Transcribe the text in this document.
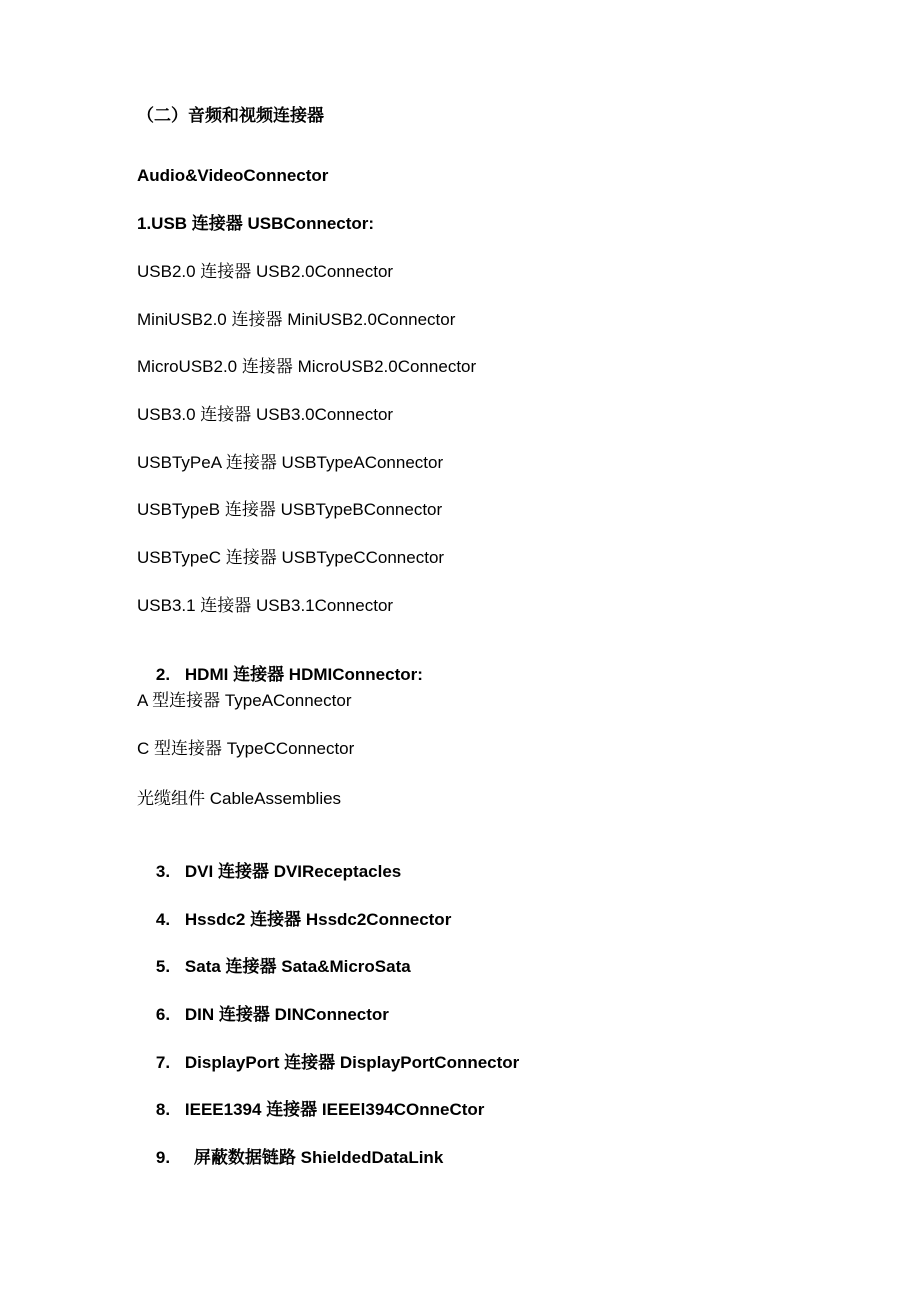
（二）音频和视频连接器
Audio&VideoConnector
1.USB 连接器 USBConnector:
USB2.0 连接器 USB2.0Connector
MiniUSB2.0 连接器 MiniUSB2.0Connector
MicroUSB2.0 连接器 MicroUSB2.0Connector
USB3.0 连接器 USB3.0Connector
USBTyPeA 连接器 USBTypeAConnector
USBTypeB 连接器 USBTypeBConnector
USBTypeC 连接器 USBTypeCConnector
USB3.1 连接器 USB3.1Connector

2. HDMI 连接器 HDMIConnector:

A 型连接器 TypeAConnector
C 型连接器 TypeCConnector
光缆组件 CableAssemblies

3. DVI 连接器 DVIReceptacles

4. Hssdc2 连接器 Hssdc2Connector

5. Sata 连接器 Sata&MicroSata

6. DIN 连接器 DINConnector

7. DisplayPort 连接器 DisplayPortConnector

8. IEEE1394 连接器 IEEEl394COnneCtor

9. 屏蔽数据链路 ShieldedDataLink
